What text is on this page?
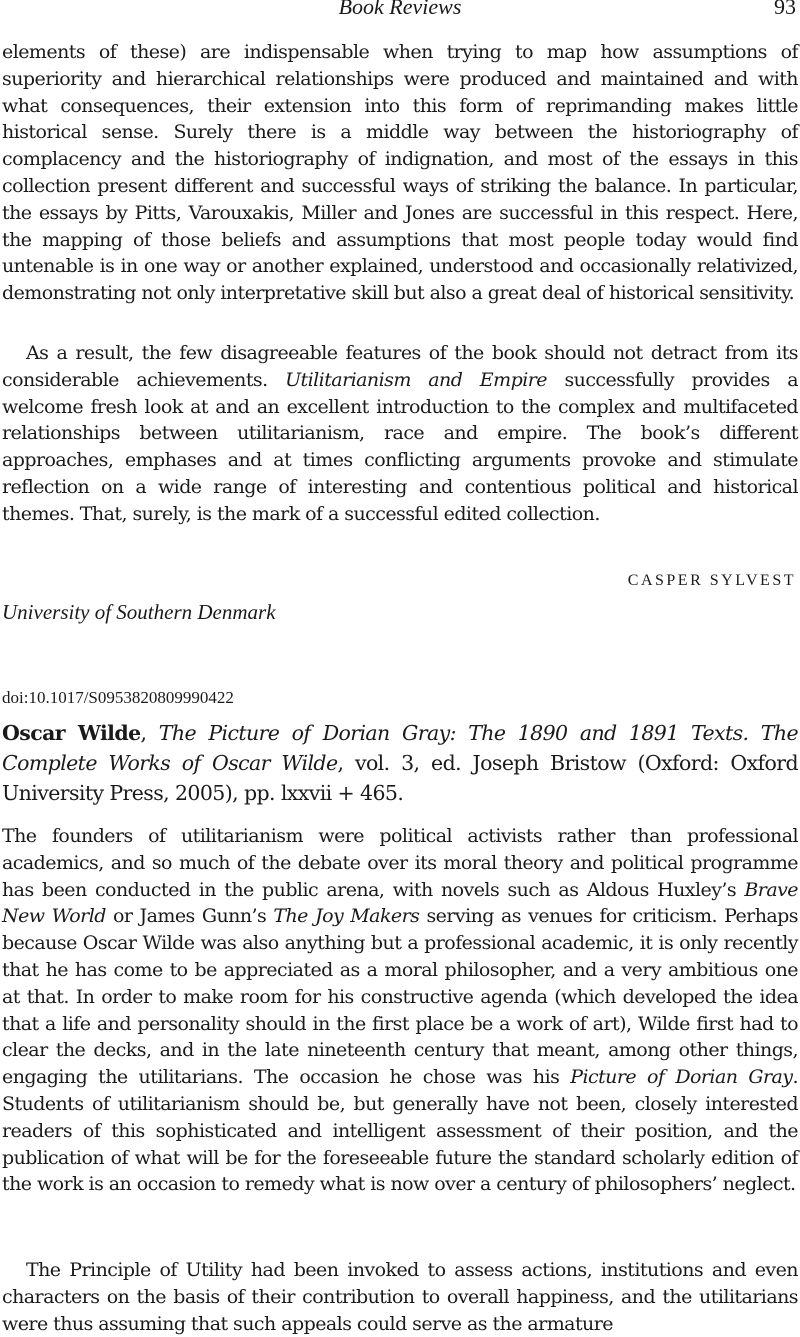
Book Reviews	93

elements of these) are indispensable when trying to map how assumptions of superiority and hierarchical relationships were produced and maintained and with what consequences, their extension into this form of reprimanding makes little historical sense. Surely there is a middle way between the historiography of complacency and the historiography of indignation, and most of the essays in this collection present different and successful ways of striking the balance. In particular, the essays by Pitts, Varouxakis, Miller and Jones are successful in this respect. Here, the mapping of those beliefs and assumptions that most people today would find untenable is in one way or another explained, understood and occasionally relativized, demonstrating not only interpretative skill but also a great deal of historical sensitivity.

As a result, the few disagreeable features of the book should not detract from its considerable achievements. Utilitarianism and Empire successfully provides a welcome fresh look at and an excellent introduction to the complex and multifaceted relationships between utilitarianism, race and empire. The book’s different approaches, emphases and at times conflicting arguments provoke and stimulate reflection on a wide range of interesting and contentious political and historical themes. That, surely, is the mark of a successful edited collection.

CASPER SYLVEST
University of Southern Denmark
doi:10.1017/S0953820809990422

Oscar Wilde, The Picture of Dorian Gray: The 1890 and 1891 Texts. The Complete Works of Oscar Wilde, vol. 3, ed. Joseph Bristow (Oxford: Oxford University Press, 2005), pp. lxxvii + 465.

The founders of utilitarianism were political activists rather than professional academics, and so much of the debate over its moral theory and political programme has been conducted in the public arena, with novels such as Aldous Huxley’s Brave New World or James Gunn’s The Joy Makers serving as venues for criticism. Perhaps because Oscar Wilde was also anything but a professional academic, it is only recently that he has come to be appreciated as a moral philosopher, and a very ambitious one at that. In order to make room for his constructive agenda (which developed the idea that a life and personality should in the first place be a work of art), Wilde first had to clear the decks, and in the late nineteenth century that meant, among other things, engaging the utilitarians. The occasion he chose was his Picture of Dorian Gray. Students of utilitarianism should be, but generally have not been, closely interested readers of this sophisticated and intelligent assessment of their position, and the publication of what will be for the foreseeable future the standard scholarly edition of the work is an occasion to remedy what is now over a century of philosophers’ neglect.

The Principle of Utility had been invoked to assess actions, institutions and even characters on the basis of their contribution to overall happiness, and the utilitarians were thus assuming that such appeals could serve as the armature
